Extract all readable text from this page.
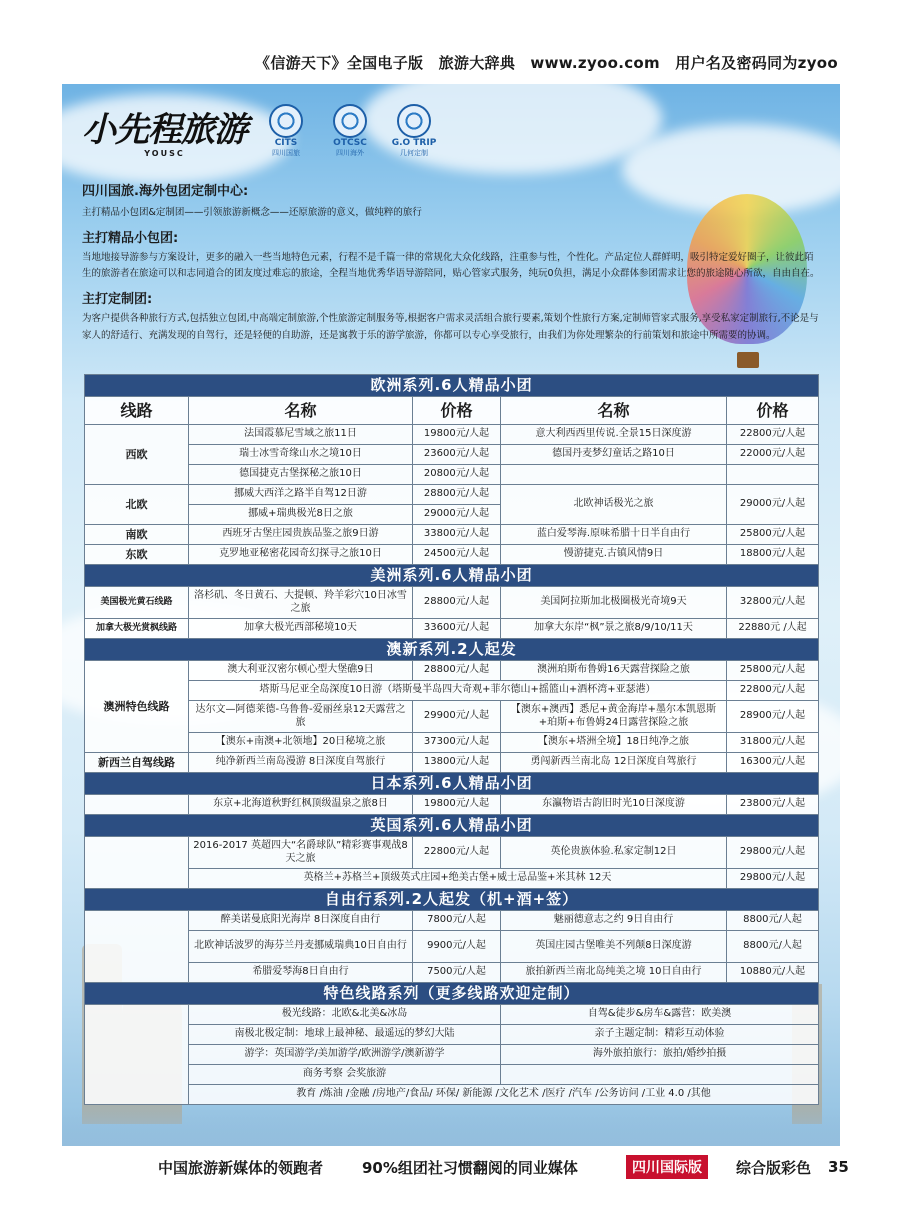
《信游天下》全国电子版　旅游大辞典　www.zyoo.com　用户名及密码同为zyoo
小先程旅游
YOUSC
CITS
四川国旅
OTCSC
四川海外
G.O TRIP
几何定制
四川国旅.海外包团定制中心:

主打精品小包团&定制团——引领旅游新概念——还原旅游的意义，做纯粹的旅行

主打精品小包团:

当地地接导游参与方案设计，更多的融入一些当地特色元素，行程不是千篇一律的常规化大众化线路，注重参与性，个性化。产品定位人群鲜明，吸引特定爱好圈子，让彼此陌生的旅游者在旅途可以和志同道合的团友度过难忘的旅途，全程当地优秀华语导游陪同，贴心管家式服务，纯玩0负担，满足小众群体参团需求让您的旅途随心所欲，自由自在。

主打定制团:

为客户提供各种旅行方式,包括独立包团,中高端定制旅游,个性旅游定制服务等,根据客户需求灵活组合旅行要素,策划个性旅行方案,定制师管家式服务,享受私家定制旅行,不论是与家人的舒适行、充满发现的自驾行，还是轻便的自助游，还是寓教于乐的游学旅游，你都可以专心享受旅行，由我们为你处理繁杂的行前策划和旅途中所需要的协调。

欧洲系列.6人精品小团				
线路	名称	价格	名称	价格
西欧	法国霞慕尼雪域之旅11日	19800元/人起	意大利西西里传说.全景15日深度游	22800元/人起
	瑞士冰雪奇缘山水之境10日	23600元/人起	德国丹麦梦幻童话之路10日	22000元/人起
	德国捷克古堡探秘之旅10日	20800元/人起		
北欧	挪威大西洋之路半自驾12日游	28800元/人起	北欧神话极光之旅	29000元/人起
	挪威+瑞典极光8日之旅	29000元/人起		
南欧	西班牙古堡庄园贵族品鉴之旅9日游	33800元/人起	蓝白爱琴海.原味希腊十日半自由行	25800元/人起
东欧	克罗地亚秘密花园奇幻探寻之旅10日	24500元/人起	慢游捷克.古镇风情9日	18800元/人起
美洲系列.6人精品小团				
美国极光黄石线路	洛杉矶、冬日黄石、大提顿、羚羊彩穴10日冰雪之旅	28800元/人起	美国阿拉斯加北极圈极光奇境9天	32800元/人起
加拿大极光赏枫线路	加拿大极光西部秘境10天	33600元/人起	加拿大东岸“枫”景之旅8/9/10/11天	22880元 /人起
澳新系列.2人起发				
澳洲特色线路	澳大利亚汉密尔顿心型大堡礁9日	28800元/人起	澳洲珀斯布鲁姆16天露营探险之旅	25800元/人起
	塔斯马尼亚全岛深度10日游（塔斯曼半岛四大奇观+菲尔德山+摇篮山+酒杯湾+亚瑟港）			22800元/人起
	达尔文—阿德莱德-乌鲁鲁-爱丽丝泉12天露营之旅	29900元/人起	【澳东+澳西】悉尼+黄金海岸+墨尔本凯恩斯+珀斯+布鲁姆24日露营探险之旅	28900元/人起
	【澳东+南澳+北领地】20日秘境之旅	37300元/人起	【澳东+塔洲全境】18日纯净之旅	31800元/人起
新西兰自驾线路	纯净新西兰南岛漫游 8日深度自驾旅行	13800元/人起	勇闯新西兰南北岛 12日深度自驾旅行	16300元/人起
日本系列.6人精品小团				
	东京+北海道秋野红枫顶级温泉之旅8日	19800元/人起	东瀛物语古韵旧时光10日深度游	23800元/人起
英国系列.6人精品小团				
	2016-2017 英超四大“名爵球队”精彩赛事观战8天之旅	22800元/人起	英伦贵族体验.私家定制12日	29800元/人起
	英格兰+苏格兰+顶级英式庄园+绝美古堡+威士忌品鉴+米其林 12天			29800元/人起
自由行系列.2人起发（机+酒+签）				
	醉美诺曼底阳光海岸 8日深度自由行	7800元/人起	魅丽德意志之约 9日自由行	8800元/人起
	北欧神话波罗的海芬兰丹麦挪威瑞典10日自由行	9900元/人起	英国庄园古堡唯美不列颠8日深度游	8800元/人起
	希腊爱琴海8日自由行	7500元/人起	旅拍新西兰南北岛纯美之境 10日自由行	10880元/人起
特色线路系列（更多线路欢迎定制）				
	极光线路：北欧&北美&冰岛		自驾&徒步&房车&露营：欧美澳	
	南极北极定制：地球上最神秘、最遥远的梦幻大陆		亲子主题定制：精彩互动体验	
	游学：英国游学/美加游学/欧洲游学/澳新游学		海外旅拍旅行：旅拍/婚纱拍摄	
	商务考察 会奖旅游			
	教育 /炼油 /金融 /房地产/食品/ 环保/ 新能源 /文化艺术 /医疗 /汽车 /公务访问 /工业 4.0 /其他			
中国旅游新媒体的领跑者	90%组团社习惯翻阅的同业媒体	四川国际版	综合版彩色 35
